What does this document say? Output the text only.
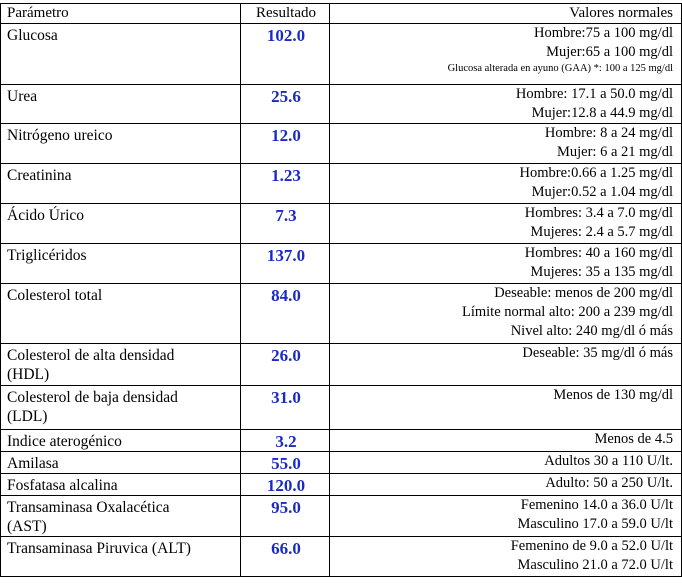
Parámetro	Resultado	Valores normales

Glucosa	102.0	Hombre:75 a 100 mg/dl
Mujer:65 a 100 mg/dl
Glucosa alterada en ayuno (GAA) *: 100 a 125 mg/dl

Urea	25.6	Hombre: 17.1 a 50.0 mg/dl
Mujer:12.8 a 44.9 mg/dl

Nitrógeno ureico	12.0	Hombre: 8 a 24 mg/dl
Mujer: 6 a 21 mg/dl

Creatinina	1.23	Hombre:0.66 a 1.25 mg/dl
Mujer:0.52 a 1.04 mg/dl

Ácido Úrico	7.3	Hombres: 3.4 a 7.0 mg/dl
Mujeres: 2.4 a 5.7 mg/dl

Triglicéridos	137.0	Hombres: 40 a 160 mg/dl
Mujeres: 35 a 135 mg/dl

Colesterol total	84.0	Deseable: menos de 200 mg/dl
Límite normal alto: 200 a 239 mg/dl
Nivel alto: 240 mg/dl ó más

Colesterol de alta densidad
(HDL)	26.0	Deseable: 35 mg/dl ó más

Colesterol de baja densidad
(LDL)	31.0	Menos de 130 mg/dl

Indice aterogénico	3.2	Menos de 4.5

Amilasa	55.0	Adultos 30 a 110 U/lt.

Fosfatasa alcalina	120.0	Adulto: 50 a 250 U/lt.

Transaminasa Oxalacética
(AST)	95.0	Femenino 14.0 a 36.0 U/lt
Masculino 17.0 a 59.0 U/lt

Transaminasa Piruvica (ALT)	66.0	Femenino de 9.0 a 52.0 U/lt
Masculino 21.0 a 72.0 U/lt
